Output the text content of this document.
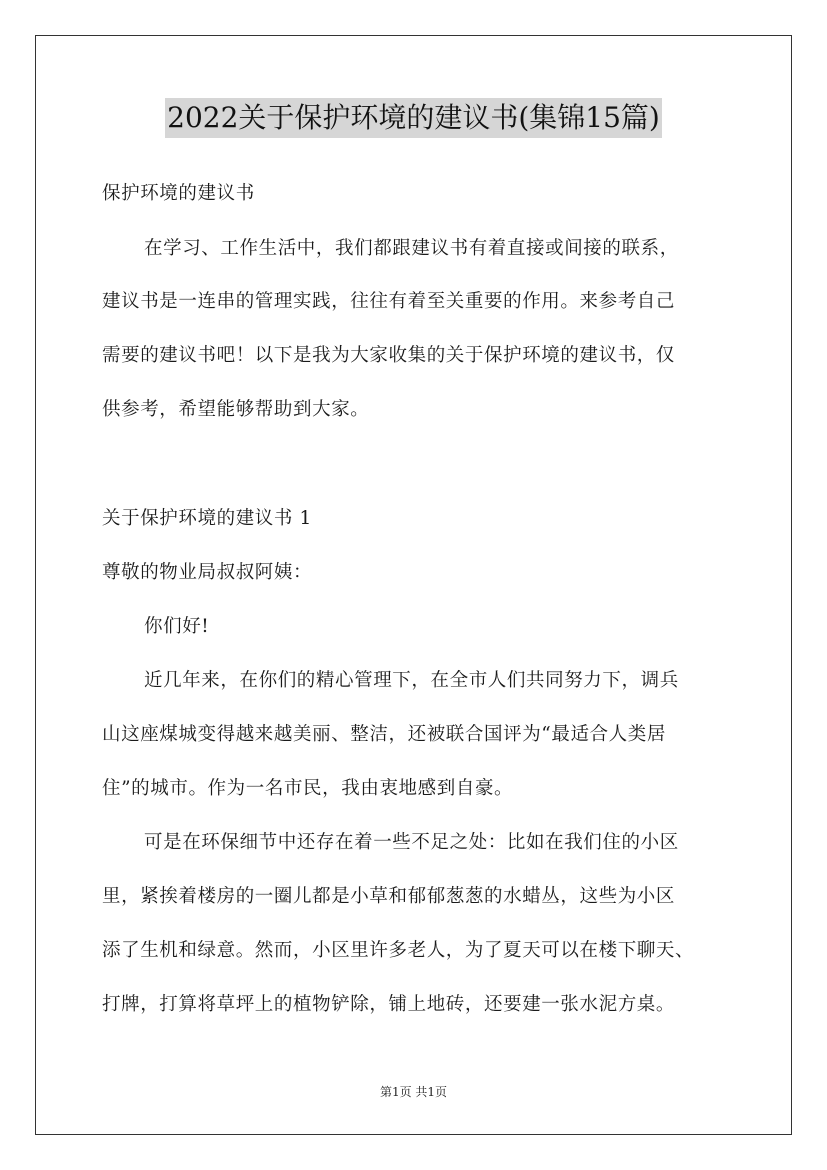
2022关于保护环境的建议书(集锦15篇)
保护环境的建议书
在学习、工作生活中，我们都跟建议书有着直接或间接的联系，
建议书是一连串的管理实践，往往有着至关重要的作用。来参考自己
需要的建议书吧！以下是我为大家收集的关于保护环境的建议书，仅
供参考，希望能够帮助到大家。
关于保护环境的建议书 1
尊敬的物业局叔叔阿姨：
你们好!
近几年来，在你们的精心管理下，在全市人们共同努力下，调兵
山这座煤城变得越来越美丽、整洁，还被联合国评为“最适合人类居
住”的城市。作为一名市民，我由衷地感到自豪。
可是在环保细节中还存在着一些不足之处：比如在我们住的小区
里，紧挨着楼房的一圈儿都是小草和郁郁葱葱的水蜡丛，这些为小区
添了生机和绿意。然而，小区里许多老人，为了夏天可以在楼下聊天、
打牌，打算将草坪上的植物铲除，铺上地砖，还要建一张水泥方桌。
第1页 共1页
